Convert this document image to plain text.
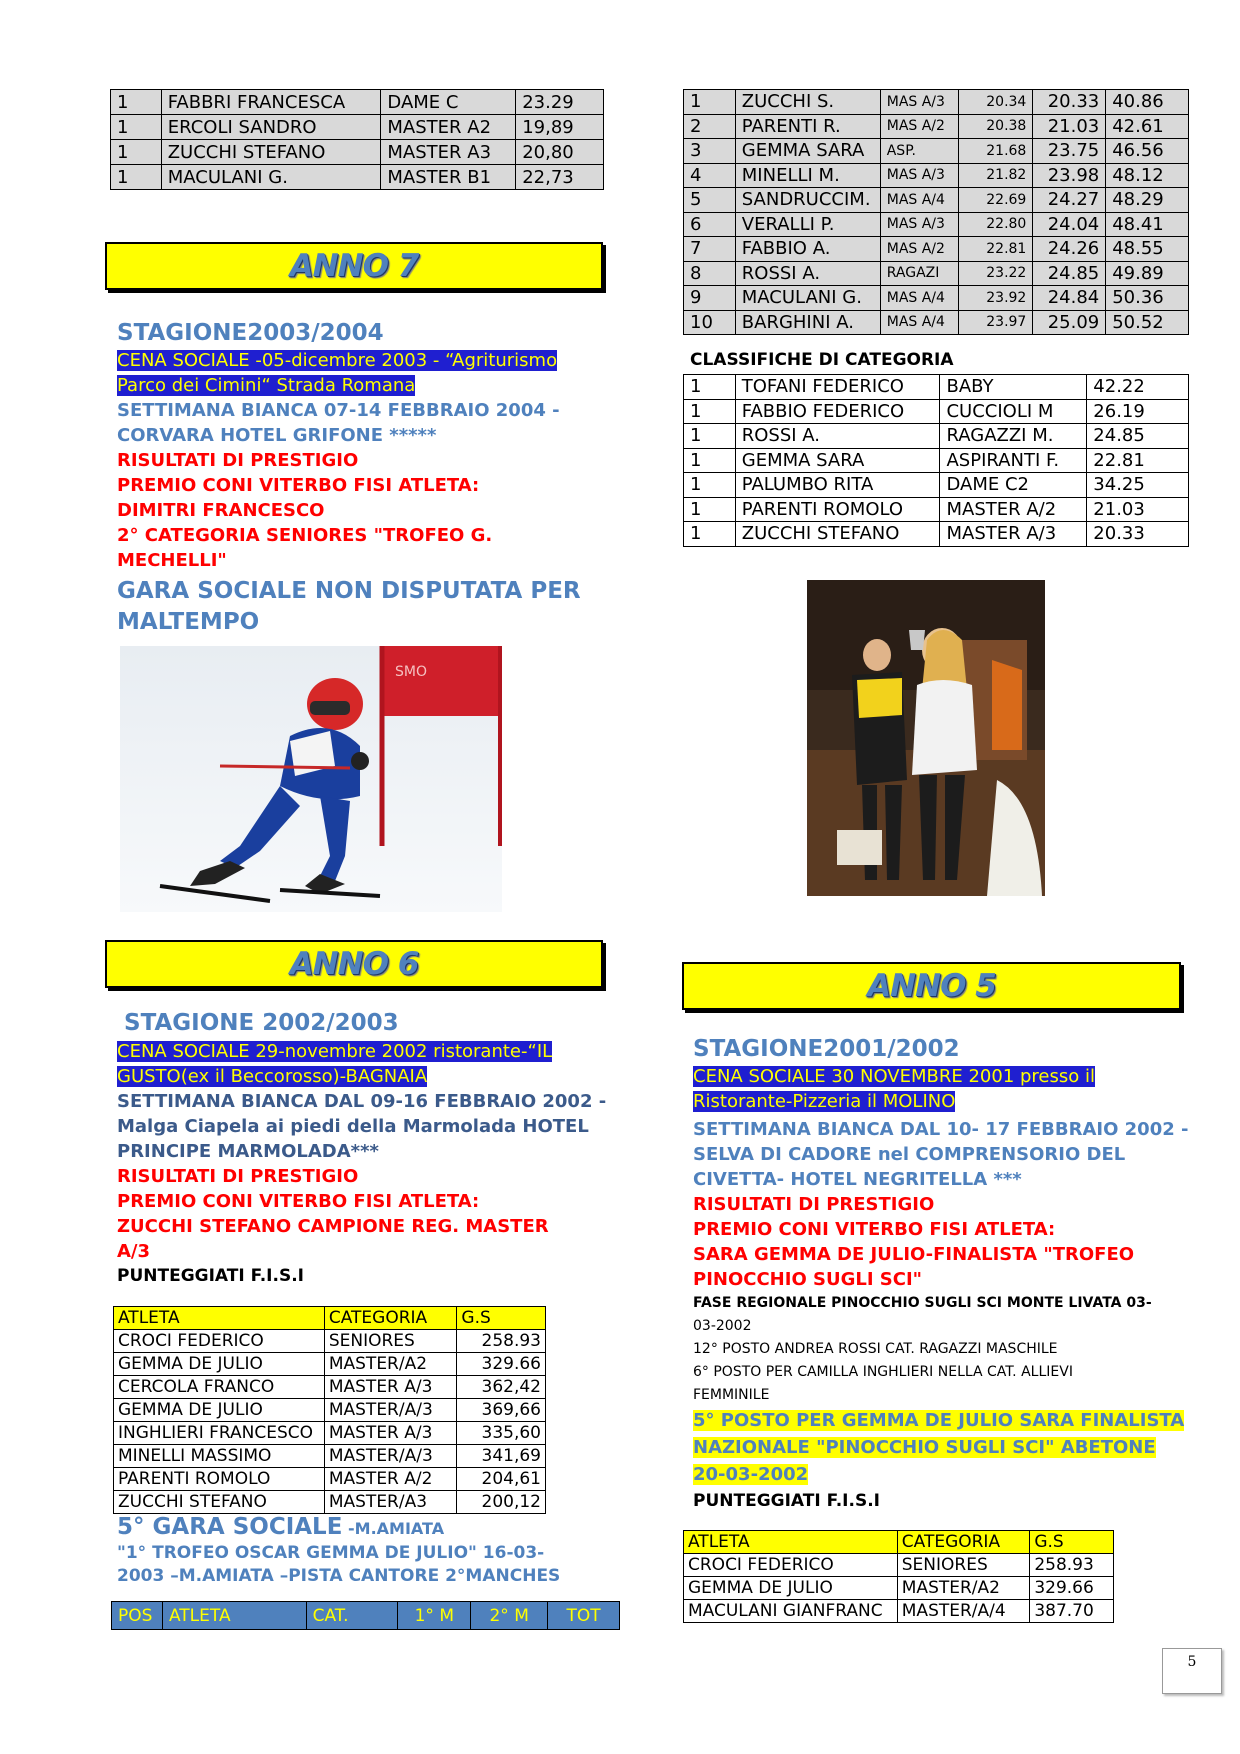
1	FABBRI FRANCESCA	DAME C	23.29
1	ERCOLI SANDRO	MASTER A2	19,89
1	ZUCCHI STEFANO	MASTER A3	20,80
1	MACULANI G.	MASTER B1	22,73
1	ZUCCHI S.	MAS A/3	20.34	20.33	40.86
2	PARENTI R.	MAS A/2	20.38	21.03	42.61
3	GEMMA SARA	ASP.	21.68	23.75	46.56
4	MINELLI M.	MAS A/3	21.82	23.98	48.12
5	SANDRUCCIM.	MAS A/4	22.69	24.27	48.29
6	VERALLI P.	MAS A/3	22.80	24.04	48.41
7	FABBIO A.	MAS A/2	22.81	24.26	48.55
8	ROSSI A.	RAGAZI	23.22	24.85	49.89
9	MACULANI G.	MAS A/4	23.92	24.84	50.36
10	BARGHINI A.	MAS A/4	23.97	25.09	50.52
CLASSIFICHE DI CATEGORIA
1	TOFANI FEDERICO	BABY	42.22
1	FABBIO FEDERICO	CUCCIOLI M	26.19
1	ROSSI A.	RAGAZZI M.	24.85
1	GEMMA SARA	ASPIRANTI F.	22.81
1	PALUMBO RITA	DAME C2	34.25
1	PARENTI ROMOLO	MASTER A/2	21.03
1	ZUCCHI STEFANO	MASTER A/3	20.33
ANNO 7
STAGIONE2003/2004
CENA SOCIALE -05-dicembre 2003 - “Agriturismo
Parco dei Cimini“ Strada Romana
SETTIMANA BIANCA 07-14 FEBBRAIO 2004 -
CORVARA HOTEL GRIFONE *****
RISULTATI DI PRESTIGIO
PREMIO CONI VITERBO FISI ATLETA:
DIMITRI FRANCESCO
2° CATEGORIA SENIORES "TROFEO G.
MECHELLI"
GARA SOCIALE NON DISPUTATA PER
MALTEMPO
SMO
ANNO 6
STAGIONE 2002/2003
CENA SOCIALE 29-novembre 2002 ristorante-“IL
GUSTO(ex il Beccorosso)-BAGNAIA
SETTIMANA BIANCA DAL 09-16 FEBBRAIO 2002 -
Malga Ciapela ai piedi della Marmolada HOTEL
PRINCIPE MARMOLADA***
RISULTATI DI PRESTIGIO
PREMIO CONI VITERBO FISI ATLETA:
ZUCCHI STEFANO CAMPIONE REG. MASTER
A/3
PUNTEGGIATI F.I.S.I
ATLETA	CATEGORIA	G.S
CROCI FEDERICO	SENIORES	258.93
GEMMA DE JULIO	MASTER/A2	329.66
CERCOLA FRANCO	MASTER A/3	362,42
GEMMA DE JULIO	MASTER/A/3	369,66
INGHLIERI FRANCESCO	MASTER A/3	335,60
MINELLI MASSIMO	MASTER/A/3	341,69
PARENTI ROMOLO	MASTER A/2	204,61
ZUCCHI STEFANO	MASTER/A3	200,12
5° GARA SOCIALE -M.AMIATA
"1° TROFEO OSCAR GEMMA DE JULIO" 16-03-
2003 –M.AMIATA –PISTA CANTORE 2°MANCHES
POS	ATLETA	CAT.	1° M	2° M	TOT
ANNO 5
STAGIONE2001/2002
CENA SOCIALE 30 NOVEMBRE 2001 presso il
Ristorante-Pizzeria il MOLINO
SETTIMANA BIANCA DAL 10- 17 FEBBRAIO 2002 -
SELVA DI CADORE nel COMPRENSORIO DEL
CIVETTA- HOTEL NEGRITELLA ***
RISULTATI DI PRESTIGIO
PREMIO CONI VITERBO FISI ATLETA:
SARA GEMMA DE JULIO-FINALISTA "TROFEO
PINOCCHIO SUGLI SCI"
FASE REGIONALE PINOCCHIO SUGLI SCI MONTE LIVATA 03-
03-2002
12° POSTO ANDREA ROSSI CAT. RAGAZZI MASCHILE
6° POSTO PER CAMILLA INGHLIERI NELLA CAT. ALLIEVI
FEMMINILE
5° POSTO PER GEMMA DE JULIO SARA FINALISTA
NAZIONALE "PINOCCHIO SUGLI SCI" ABETONE
20-03-2002
PUNTEGGIATI F.I.S.I
ATLETA	CATEGORIA	G.S
CROCI FEDERICO	SENIORES	258.93
GEMMA DE JULIO	MASTER/A2	329.66
MACULANI GIANFRANC	MASTER/A/4	387.70
5
